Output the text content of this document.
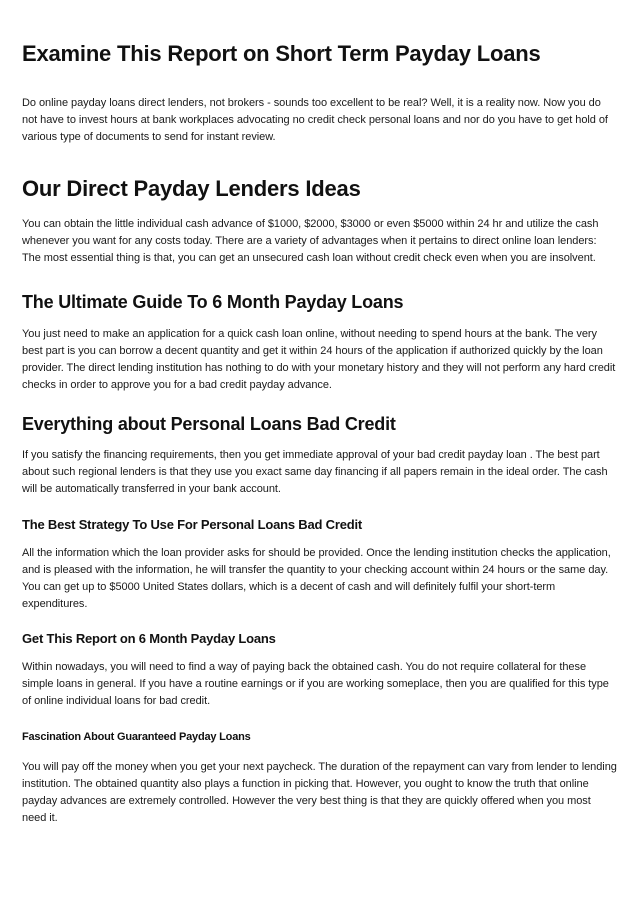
Examine This Report on Short Term Payday Loans

Do online payday loans direct lenders, not brokers - sounds too excellent to be real? Well, it is a reality now. Now you do not have to invest hours at bank workplaces advocating no credit check personal loans and nor do you have to get hold of various type of documents to send for instant review.

Our Direct Payday Lenders Ideas

You can obtain the little individual cash advance of $1000, $2000, $3000 or even $5000 within 24 hr and utilize the cash whenever you want for any costs today. There are a variety of advantages when it pertains to direct online loan lenders: The most essential thing is that, you can get an unsecured cash loan without credit check even when you are insolvent.

The Ultimate Guide To 6 Month Payday Loans

You just need to make an application for a quick cash loan online, without needing to spend hours at the bank. The very best part is you can borrow a decent quantity and get it within 24 hours of the application if authorized quickly by the loan provider. The direct lending institution has nothing to do with your monetary history and they will not perform any hard credit checks in order to approve you for a bad credit payday advance.

Everything about Personal Loans Bad Credit

If you satisfy the financing requirements, then you get immediate approval of your bad credit payday loan . The best part about such regional lenders is that they use you exact same day financing if all papers remain in the ideal order. The cash will be automatically transferred in your bank account.

The Best Strategy To Use For Personal Loans Bad Credit

All the information which the loan provider asks for should be provided. Once the lending institution checks the application, and is pleased with the information, he will transfer the quantity to your checking account within 24 hours or the same day. You can get up to $5000 United States dollars, which is a decent of cash and will definitely fulfil your short-term expenditures.

Get This Report on 6 Month Payday Loans

Within nowadays, you will need to find a way of paying back the obtained cash. You do not require collateral for these simple loans in general. If you have a routine earnings or if you are working someplace, then you are qualified for this type of online individual loans for bad credit.

Fascination About Guaranteed Payday Loans

You will pay off the money when you get your next paycheck. The duration of the repayment can vary from lender to lending institution. The obtained quantity also plays a function in picking that. However, you ought to know the truth that online payday advances are extremely controlled. However the very best thing is that they are quickly offered when you most need it.
